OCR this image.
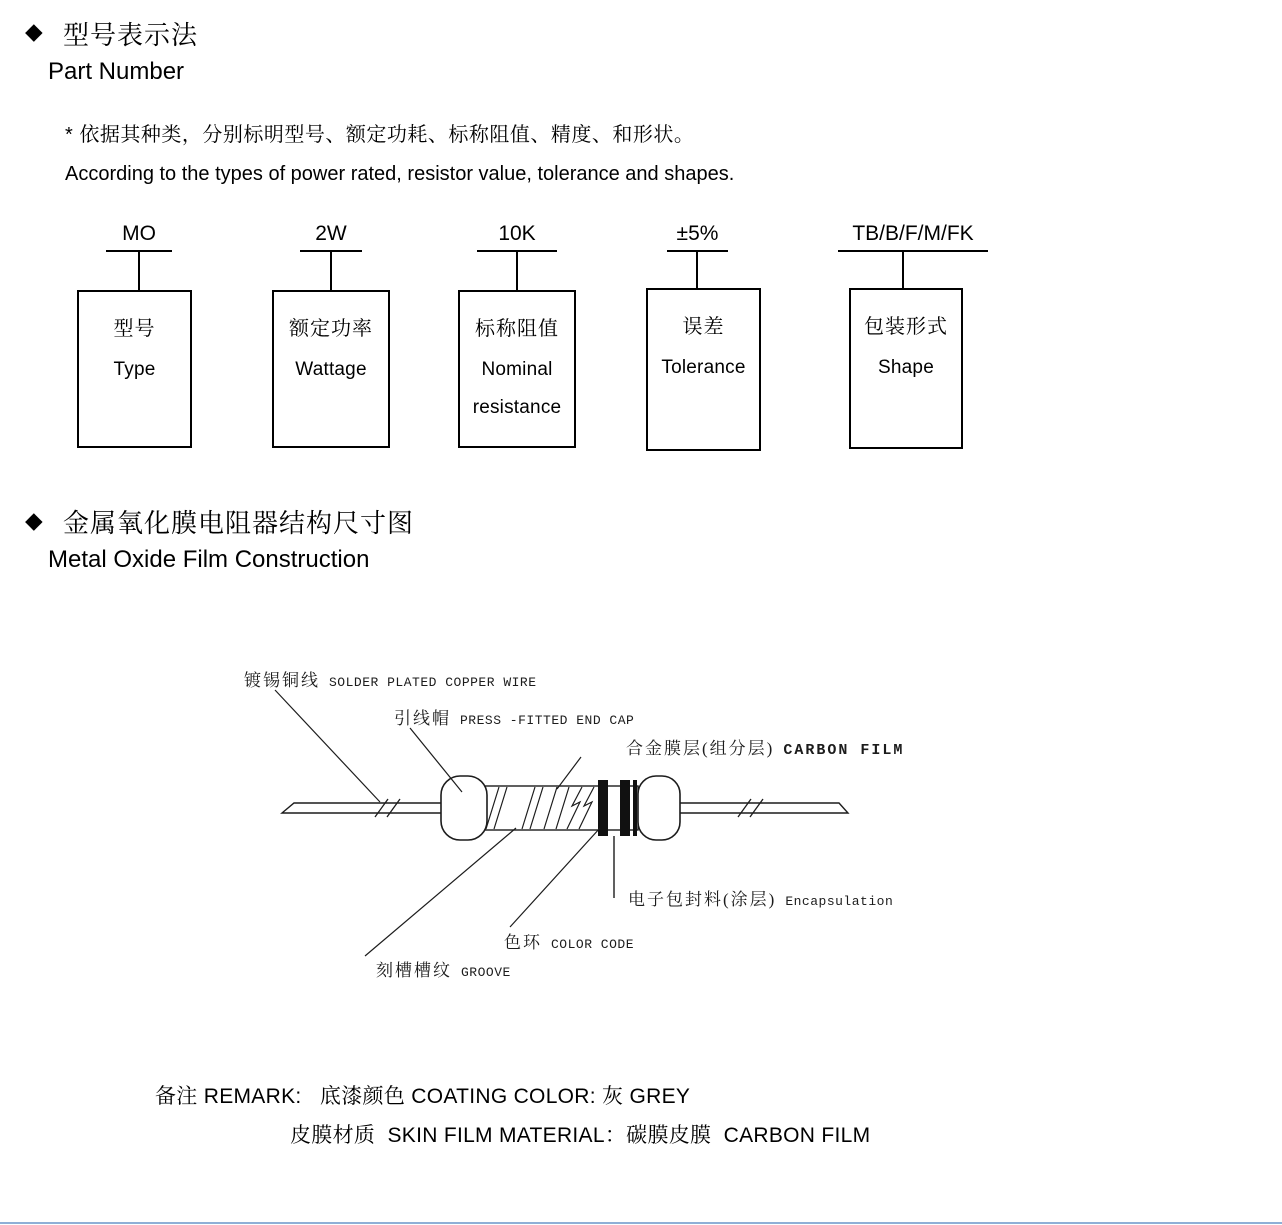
◆ 型号表示法
Part Number
* 依据其种类，分别标明型号、额定功耗、标称阻值、精度、和形状。
According to the types of power rated, resistor value, tolerance and shapes.
MO
型号
Type
2W
额定功率
Wattage
10K
标称阻值
Nominal
resistance
±5%
误差
Tolerance
TB/B/F/M/FK
包装形式
Shape
◆ 金属氧化膜电阻器结构尺寸图
Metal Oxide Film Construction
镀锡铜线 SOLDER PLATED COPPER WIRE
引线帽 PRESS -FITTED END CAP
合金膜层(组分层) CARBON FILM
电子包封料(涂层) Encapsulation
色环 COLOR CODE
刻槽槽纹 GROOVE
备注 REMARK:   底漆颜色 COATING COLOR: 灰 GREY
皮膜材质  SKIN FILM MATERIAL：碳膜皮膜  CARBON FILM
